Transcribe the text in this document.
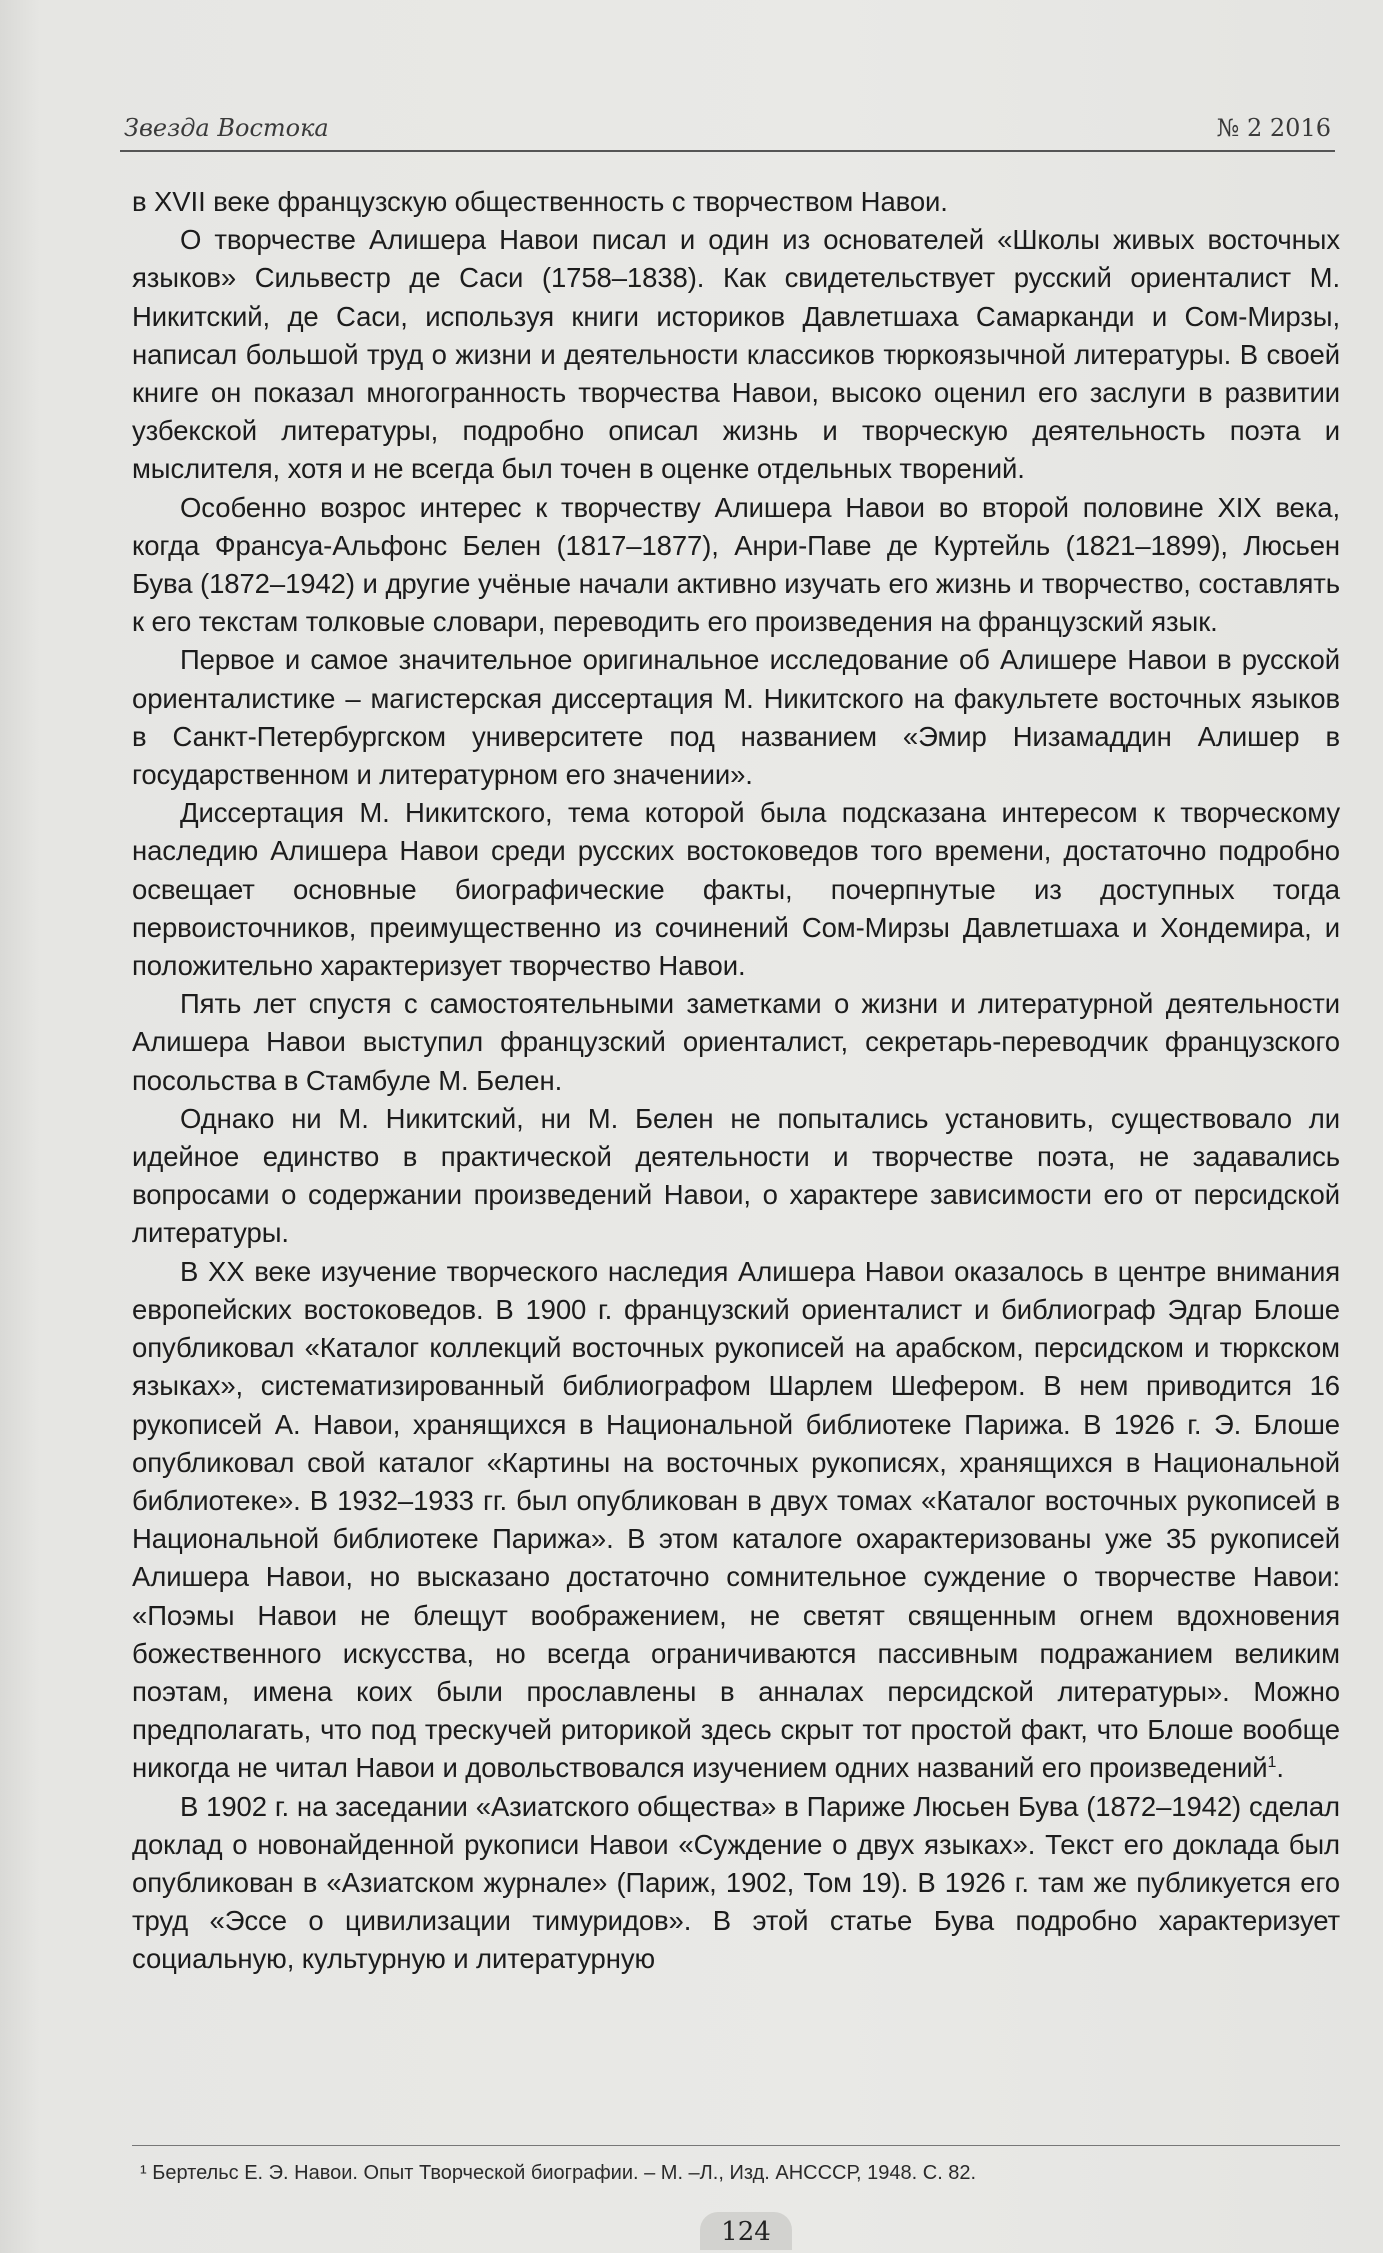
Звезда Востока	№ 2 2016

в XVII веке французскую общественность с творчеством Навои.

О творчестве Алишера Навои писал и один из основателей «Школы живых восточных языков» Сильвестр де Саси (1758–1838). Как свидетельствует русский ориенталист М. Никитский, де Саси, используя книги историков Давлетшаха Самарканди и Сом-Мирзы, написал большой труд о жизни и деятельности классиков тюркоязычной литературы. В своей книге он показал многогранность творчества Навои, высоко оценил его заслуги в развитии узбекской литературы, подробно описал жизнь и творческую деятельность поэта и мыслителя, хотя и не всегда был точен в оценке отдельных творений.

Особенно возрос интерес к творчеству Алишера Навои во второй половине XIX века, когда Франсуа-Альфонс Белен (1817–1877), Анри-Паве де Куртейль (1821–1899), Люсьен Бува (1872–1942) и другие учёные начали активно изучать его жизнь и творчество, составлять к его текстам толковые словари, переводить его произведения на французский язык.

Первое и самое значительное оригинальное исследование об Алишере Навои в русской ориенталистике – магистерская диссертация М. Никитского на факультете восточных языков в Санкт-Петербургском университете под названием «Эмир Низамаддин Алишер в государственном и литературном его значении».

Диссертация М. Никитского, тема которой была подсказана интересом к творческому наследию Алишера Навои среди русских востоковедов того времени, достаточно подробно освещает основные биографические факты, почерпнутые из доступных тогда первоисточников, преимущественно из сочинений Сом-Мирзы Давлетшаха и Хондемира, и положительно характеризует творчество Навои.

Пять лет спустя с самостоятельными заметками о жизни и литературной деятельности Алишера Навои выступил французский ориенталист, секретарь-переводчик французского посольства в Стамбуле М. Белен.

Однако ни М. Никитский, ни М. Белен не попытались установить, существовало ли идейное единство в практической деятельности и творчестве поэта, не задавались вопросами о содержании произведений Навои, о характере зависимости его от персидской литературы.

В XX веке изучение творческого наследия Алишера Навои оказалось в центре внимания европейских востоковедов. В 1900 г. французский ориенталист и библиограф Эдгар Блоше опубликовал «Каталог коллекций восточных рукописей на арабском, персидском и тюркском языках», систематизированный библиографом Шарлем Шефером. В нем приводится 16 рукописей А. Навои, хранящихся в Национальной библиотеке Парижа. В 1926 г. Э. Блоше опубликовал свой каталог «Картины на восточных рукописях, хранящихся в Национальной библиотеке». В 1932–1933 гг. был опубликован в двух томах «Каталог восточных рукописей в Национальной библиотеке Парижа». В этом каталоге охарактеризованы уже 35 рукописей Алишера Навои, но высказано достаточно сомнительное суждение о творчестве Навои: «Поэмы Навои не блещут воображением, не светят священным огнем вдохновения божественного искусства, но всегда ограничиваются пассивным подражанием великим поэтам, имена коих были прославлены в анналах персидской литературы». Можно предполагать, что под трескучей риторикой здесь скрыт тот простой факт, что Блоше вообще никогда не читал Навои и довольствовался изучением одних названий его произведений$^1$.

В 1902 г. на заседании «Азиатского общества» в Париже Люсьен Бува (1872–1942) сделал доклад о новонайденной рукописи Навои «Суждение о двух языках». Текст его доклада был опубликован в «Азиатском журнале» (Париж, 1902, Том 19). В 1926 г. там же публикуется его труд «Эссе о цивилизации тимуридов». В этой статье Бува подробно характеризует социальную, культурную и литературную

¹ Бертельс Е. Э. Навои. Опыт Творческой биографии. – М. –Л., Изд. АНСССР, 1948. С. 82.
124
